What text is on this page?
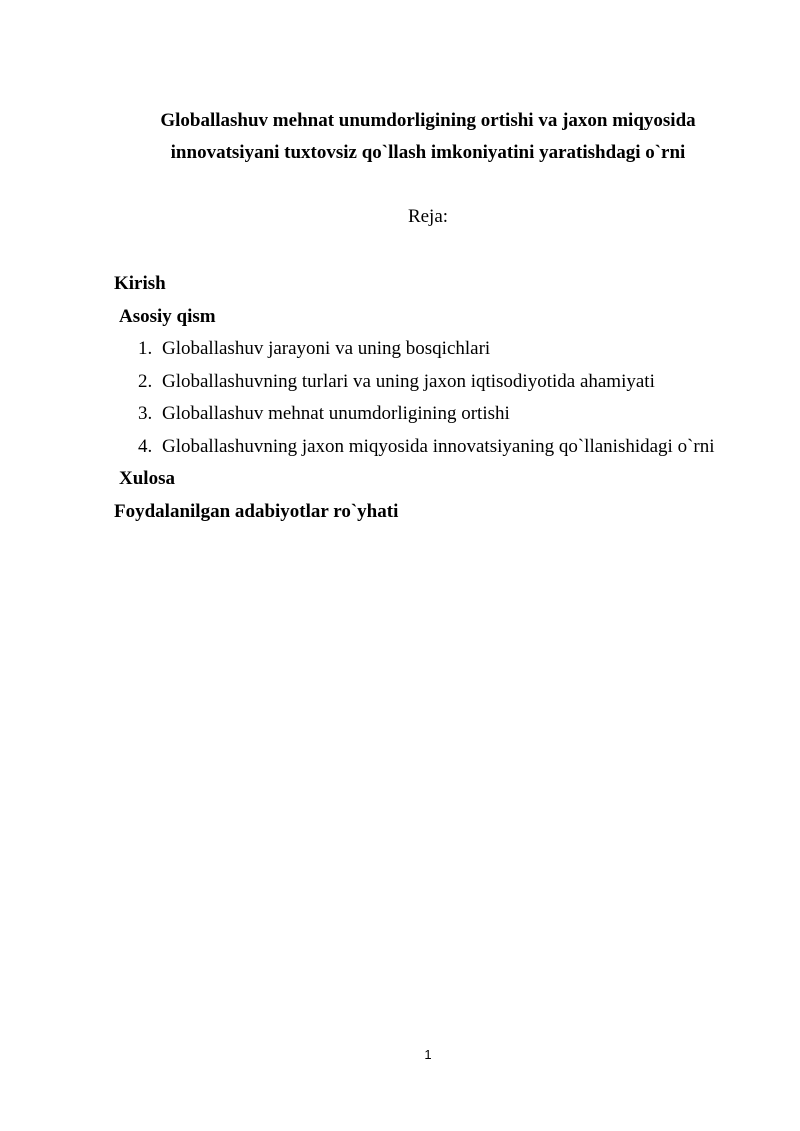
Globallashuv mehnat unumdorligining ortishi va jaxon miqyosida
innovatsiyani tuxtovsiz qo`llash imkoniyatini yaratishdagi o`rni
Reja:
Kirish
Asosiy qism
1. Globallashuv jarayoni va uning bosqichlari
2. Globallashuvning turlari va uning jaxon iqtisodiyotida ahamiyati
3. Globallashuv mehnat unumdorligining ortishi
4. Globallashuvning jaxon miqyosida innovatsiyaning qo`llanishidagi o`rni
Xulosa
Foydalanilgan adabiyotlar ro`yhati
1
